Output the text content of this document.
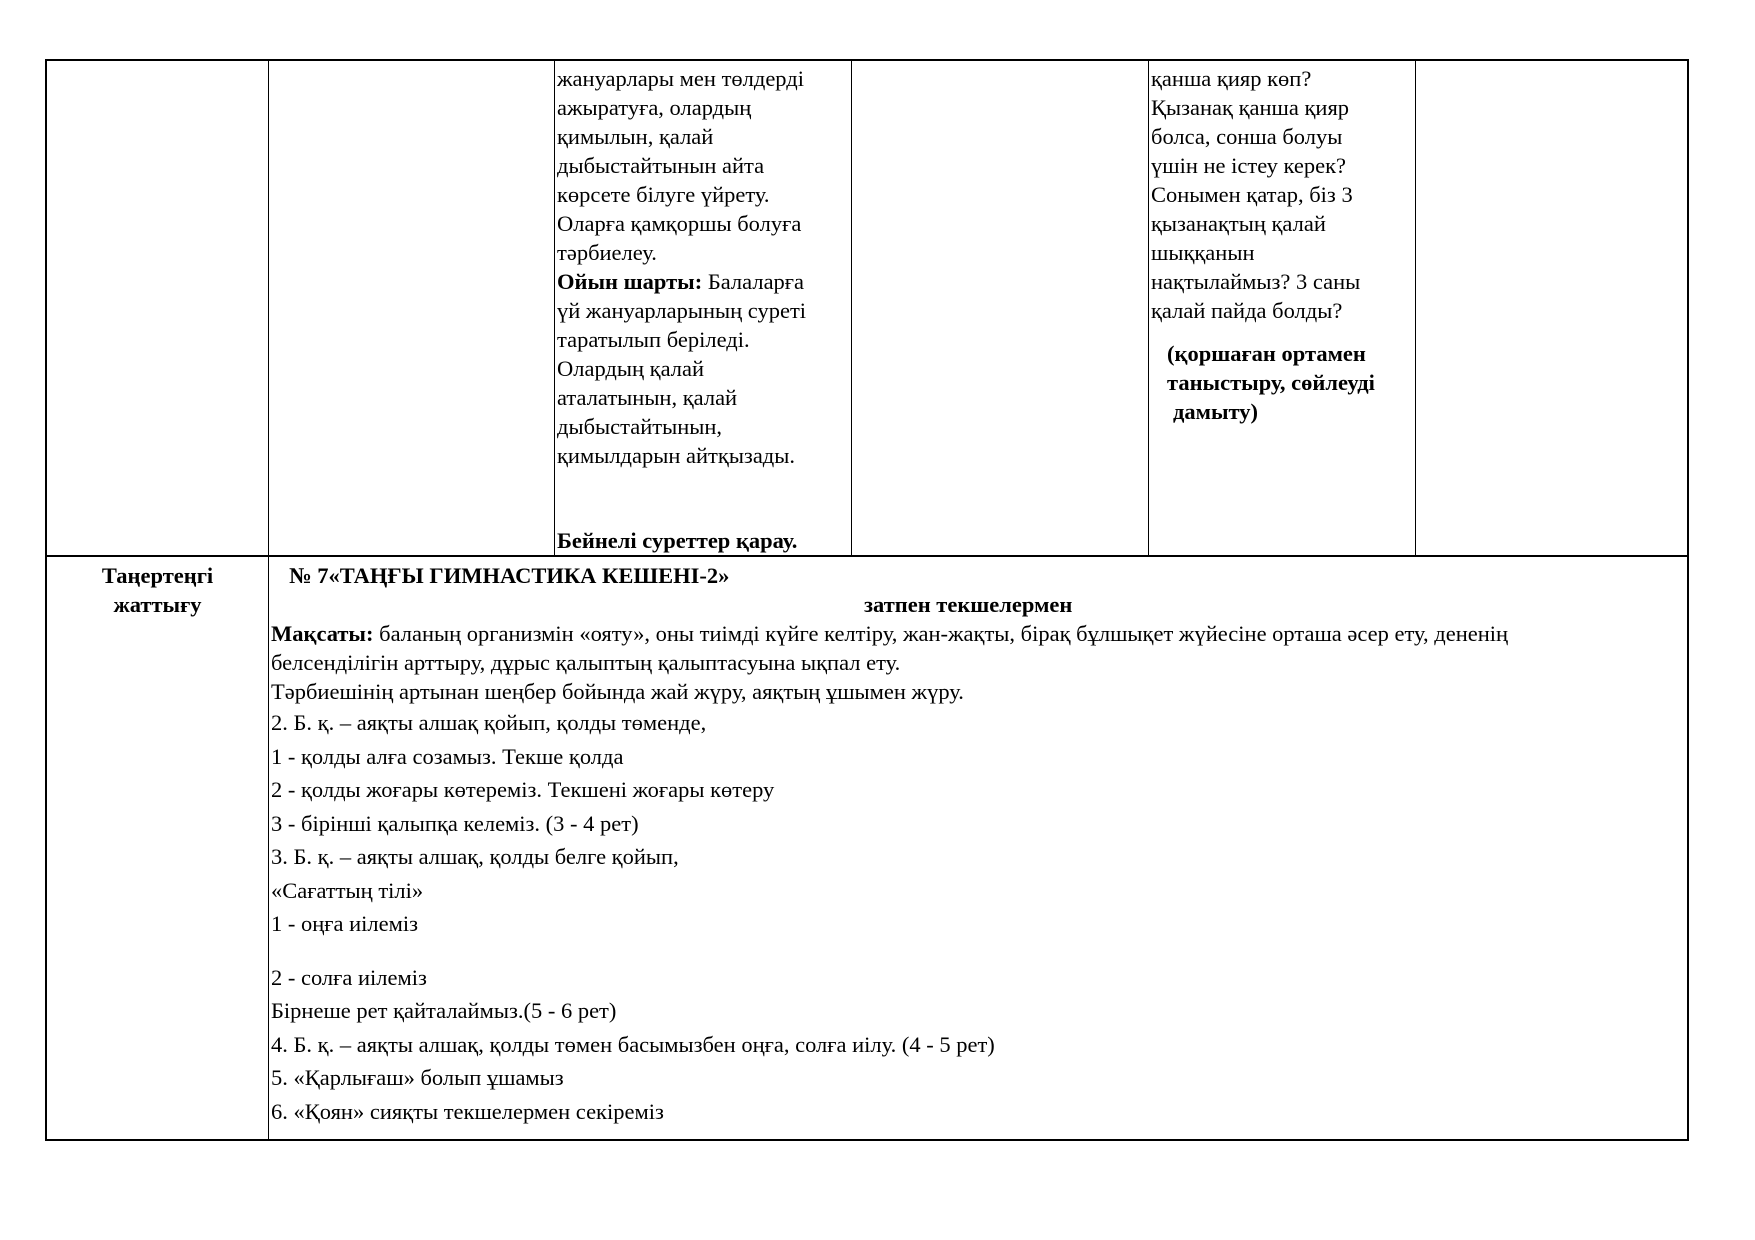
жануарлары мен төлдерді
ажыратуға, олардың
қимылын, қалай
дыбыстайтынын айта
көрсете білуге үйрету.
Оларға қамқоршы болуға
тәрбиелеу.
Ойын шарты: Балаларға
үй жануарларының суреті
таратылып беріледі.
Олардың қалай
аталатынын, қалай
дыбыстайтынын,
қимылдарын айтқызады.
Бейнелі суреттер қарау.
қанша қияр көп?
Қызанақ қанша қияр
болса, сонша болуы
үшін не істеу керек?
Сонымен қатар, біз 3
қызанақтың қалай
шыққанын
нақтылаймыз? 3 саны
қалай пайда болды?
(қоршаған ортамен
таныстыру, сөйлеуді
дамыту)
Таңертеңгі
жаттығу
№ 7«ТАҢҒЫ ГИМНАСТИКА КЕШЕНІ-2»
затпен текшелермен
Мақсаты: баланың организмін «ояту», оны тиімді күйге келтіру, жан-жақты, бірақ бұлшықет жүйесіне орташа әсер ету, дененің
белсенділігін арттыру, дұрыс қалыптың қалыптасуына ықпал ету.
Тәрбиешінің артынан шеңбер бойында жай жүру, аяқтың ұшымен жүру.
2. Б. қ. – аяқты алшақ қойып, қолды төменде,
1 - қолды алға созамыз. Текше қолда
2 - қолды жоғары көтереміз. Текшені жоғары көтеру
3 - бірінші қалыпқа келеміз. (3 - 4 рет)
3. Б. қ. – аяқты алшақ, қолды белге қойып,
«Сағаттың тілі»
1 - оңға иілеміз
2 - солға иілеміз
Бірнеше рет қайталаймыз.(5 - 6 рет)
4. Б. қ. – аяқты алшақ, қолды төмен басымызбен оңға, солға иілу. (4 - 5 рет)
5. «Қарлығаш» болып ұшамыз
6. «Қоян» сияқты текшелермен секіреміз
